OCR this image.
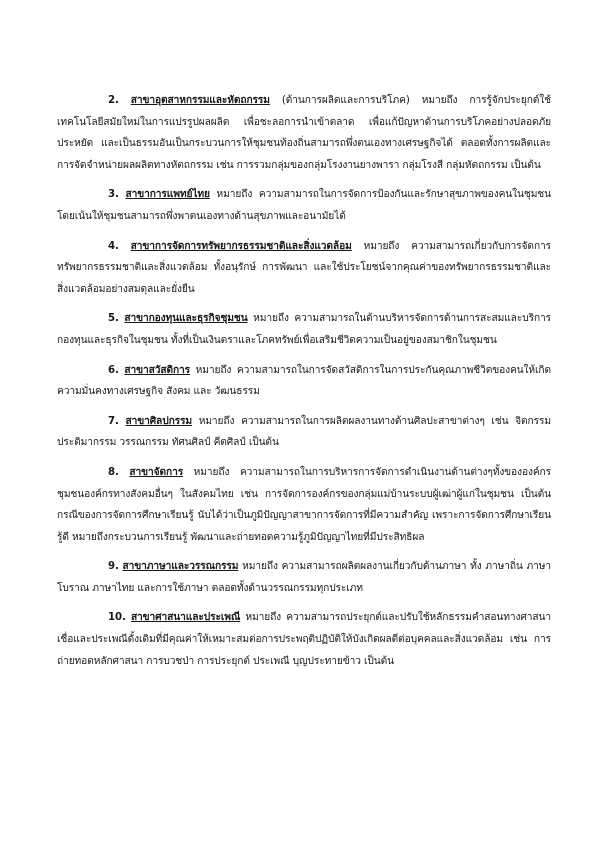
2. สาขาอุตสาหกรรมและหัตถกรรม (ด้านการผลิตและการบริโภค) หมายถึง การรู้จักประยุกต์ใช้เทคโนโลยีสมัยใหม่ในการแปรรูปผลผลิต เพื่อชะลอการนำเข้าตลาด เพื่อแก้ปัญหาด้านการบริโภคอย่างปลอดภัยประหยัด และเป็นธรรมอันเป็นกระบวนการให้ชุมชนท้องถิ่นสามารถพึ่งตนเองทางเศรษฐกิจได้ ตลอดทั้งการผลิตและการจัดจำหน่ายผลผลิตทางหัตถกรรม เช่น การรวมกลุ่มของกลุ่มโรงงานยางพารา กลุ่มโรงสี กลุ่มหัตถกรรม เป็นต้น

3. สาขาการแพทย์ไทย หมายถึง ความสามารถในการจัดการป้องกันและรักษาสุขภาพของคนในชุมชน โดยเน้นให้ชุมชนสามารถพึ่งพาตนเองทางด้านสุขภาพและอนามัยได้

4. สาขาการจัดการทรัพยากรธรรมชาติและสิ่งแวดล้อม หมายถึง ความสามารถเกี่ยวกับการจัดการทรัพยากรธรรมชาติและสิ่งแวดล้อม ทั้งอนุรักษ์ การพัฒนา และใช้ประโยชน์จากคุณค่าของทรัพยากรธรรมชาติและสิ่งแวดล้อมอย่างสมดุลและยั่งยืน

5. สาขากองทุนและธุรกิจชุมชน หมายถึง ความสามารถในด้านบริหารจัดการด้านการสะสมและบริการกองทุนและธุรกิจในชุมชน ทั้งที่เป็นเงินตราและโภคทรัพย์เพื่อเสริมชีวิตความเป็นอยู่ของสมาชิกในชุมชน

6. สาขาสวัสดิการ หมายถึง ความสามารถในการจัดสวัสดิการในการประกันคุณภาพชีวิตของคนให้เกิดความมั่นคงทางเศรษฐกิจ สังคม และ วัฒนธรรม

7. สาขาศิลปกรรม หมายถึง ความสามารถในการผลิตผลงานทางด้านศิลปะสาขาต่างๆ เช่น จิตกรรมประติมากรรม วรรณกรรม ทัศนศิลป์ คีตศิลป์ เป็นต้น

8. สาขาจัดการ หมายถึง ความสามารถในการบริหารการจัดการดำเนินงานด้านต่างๆทั้งขององค์กรชุมชนองค์กรทางสังคมอื่นๆ ในสังคมไทย เช่น การจัดการองค์กรของกลุ่มแม่บ้านระบบผู้เฒ่าผู้แก่ในชุมชน เป็นต้น กรณีของการจัดการศึกษาเรียนรู้ นับได้ว่าเป็นภูมิปัญญาสาขาการจัดการที่มีความสำคัญ เพราะการจัดการศึกษาเรียนรู้ดี หมายถึงกระบวนการเรียนรู้ พัฒนาและถ่ายทอดความรู้ภูมิปัญญาไทยที่มีประสิทธิผล

9. สาขาภาษาและวรรณกรรม หมายถึง ความสามารถผลิตผลงานเกี่ยวกับด้านภาษา ทั้ง ภาษาถิ่น ภาษาโบราณ ภาษาไทย และการใช้ภาษา ตลอดทั้งด้านวรรณกรรมทุกประเภท

10. สาขาศาสนาและประเพณี หมายถึง ความสามารถประยุกต์และปรับใช้หลักธรรมคำสอนทางศาสนาเชื่อและประเพณีดั้งเดิมที่มีคุณค่าให้เหมาะสมต่อการประพฤติปฏิบัติให้บังเกิดผลดีต่อบุคคลและสิ่งแวดล้อม เช่น การถ่ายทอดหลักศาสนา การบวชป่า การประยุกต์ ประเพณี บุญประทายข้าว เป็นต้น
